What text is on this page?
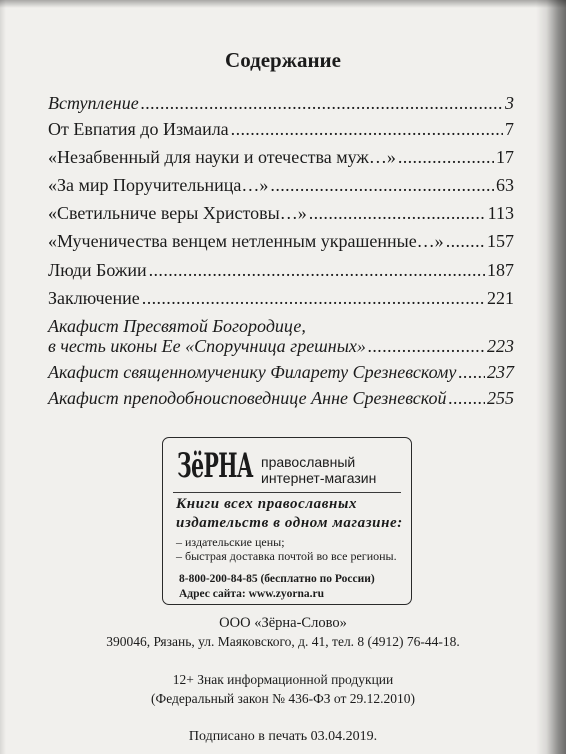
Содержание
Вступление .....	3
От Евпатия до Измаила .....	7
«Незабвенный для науки и отечества муж…» .....	17
«За мир Поручительница…» .....	63
«Светильниче веры Христовы…» .....	113
«Мученичества венцем нетленным украшенные…» ..... 157
Люди Божии .....	187
Заключение .....	221
Акафист Пресвятой Богородице,
в честь иконы Ее «Споручница грешных» .....	223
Акафист священномученику Филарету Срезневскому ..... 237
Акафист преподобноисповеднице Анне Срезневской ..... 255
ЗёРНА православный
интернет-магазин
Книги всех православных
издательств в одном магазине:
– издательские цены;
– быстрая доставка почтой во все регионы.
8-800-200-84-85 (бесплатно по России)
Адрес сайта: www.zyorna.ru
ООО «Зёрна-Слово»
390046, Рязань, ул. Маяковского, д. 41, тел. 8 (4912) 76-44-18.
12+ Знак информационной продукции
(Федеральный закон № 436-ФЗ от 29.12.2010)
Подписано в печать 03.04.2019.
